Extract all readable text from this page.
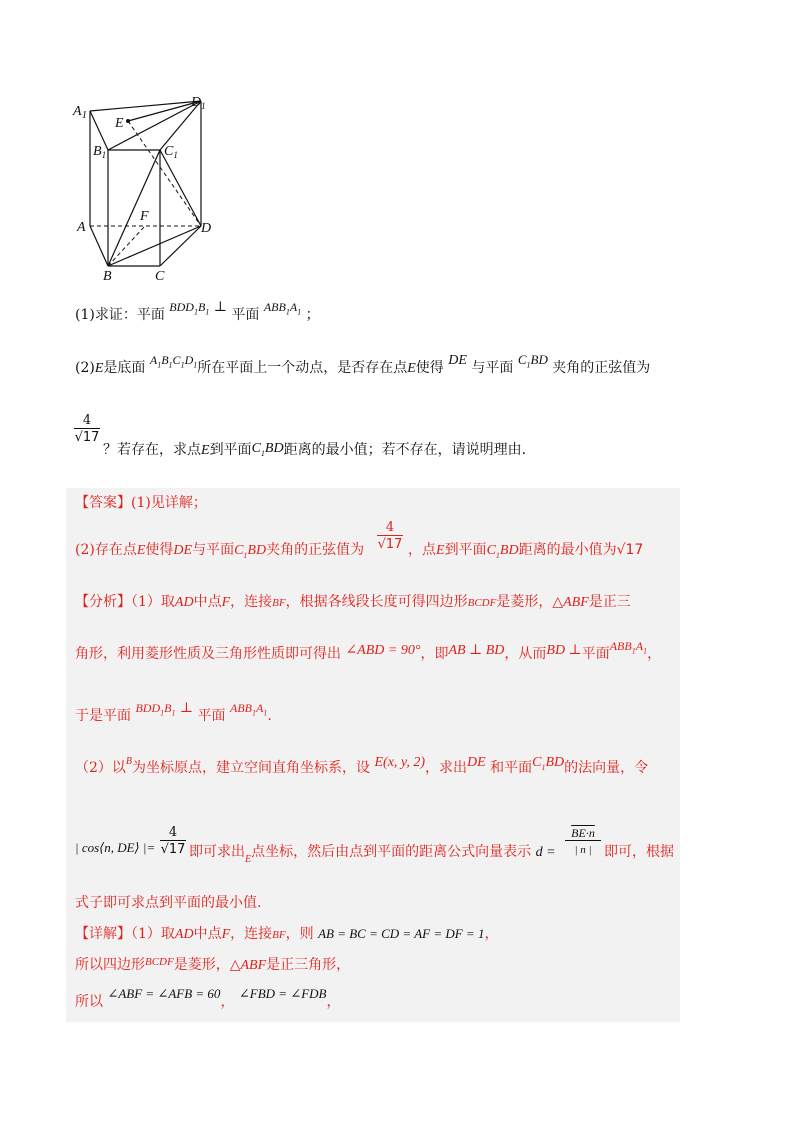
$A_1$
$D_1$
E
$B_1$	$C_1$
A
F
D
B	C
(1)求证：平面 $BDD_1B_1$ ⊥ 平面 $ABB_1A_1$ ；
(2)E是底面 $A_1B_1C_1D_1$所在平面上一个动点，是否存在点E使得 DE 与平面 $C_1BD$ 夹角的正弦值为
$\frac{4}{√17}$
？若存在，求点E到平面$C_1BD$距离的最小值；若不存在，请说明理由.
【答案】(1)见详解；
(2)存在点E使得DE与平面$C_1BD$夹角的正弦值为 $\frac{4}{√17}$ ，点E到平面$C_1BD$距离的最小值为√17
【分析】（1）取AD中点F，连接BF，根据各线段长度可得四边形BCDF是菱形，△ABF是正三
角形，利用菱形性质及三角形性质即可得出 ∠ABD = 90°，即AB ⊥ BD，从而BD ⊥平面$ABB_1A_1$，
于是平面 $BDD_1B_1$ ⊥ 平面 $ABB_1A_1$.
（2）以$^B$为坐标原点，建立空间直角坐标系，设 E(x, y, 2)，求出DE 和平面$C_1BD$的法向量，令
| cos⟨n, DE⟩ |= $\frac{4}{√17}$ 即可求出$_E$点坐标，然后由点到平面的距离公式向量表示 $d = \frac{BE\cdot n}{| n |}$ 即可，根据
式子即可求点到平面的最小值.
【详解】（1）取AD中点F，连接BF，则 AB = BC = CD = AF = DF = 1，
所以四边形$^{BCDF}$是菱形，△ABF是正三角形，
所以 ∠ABF = ∠AFB = 60， ∠FBD = ∠FDB，
